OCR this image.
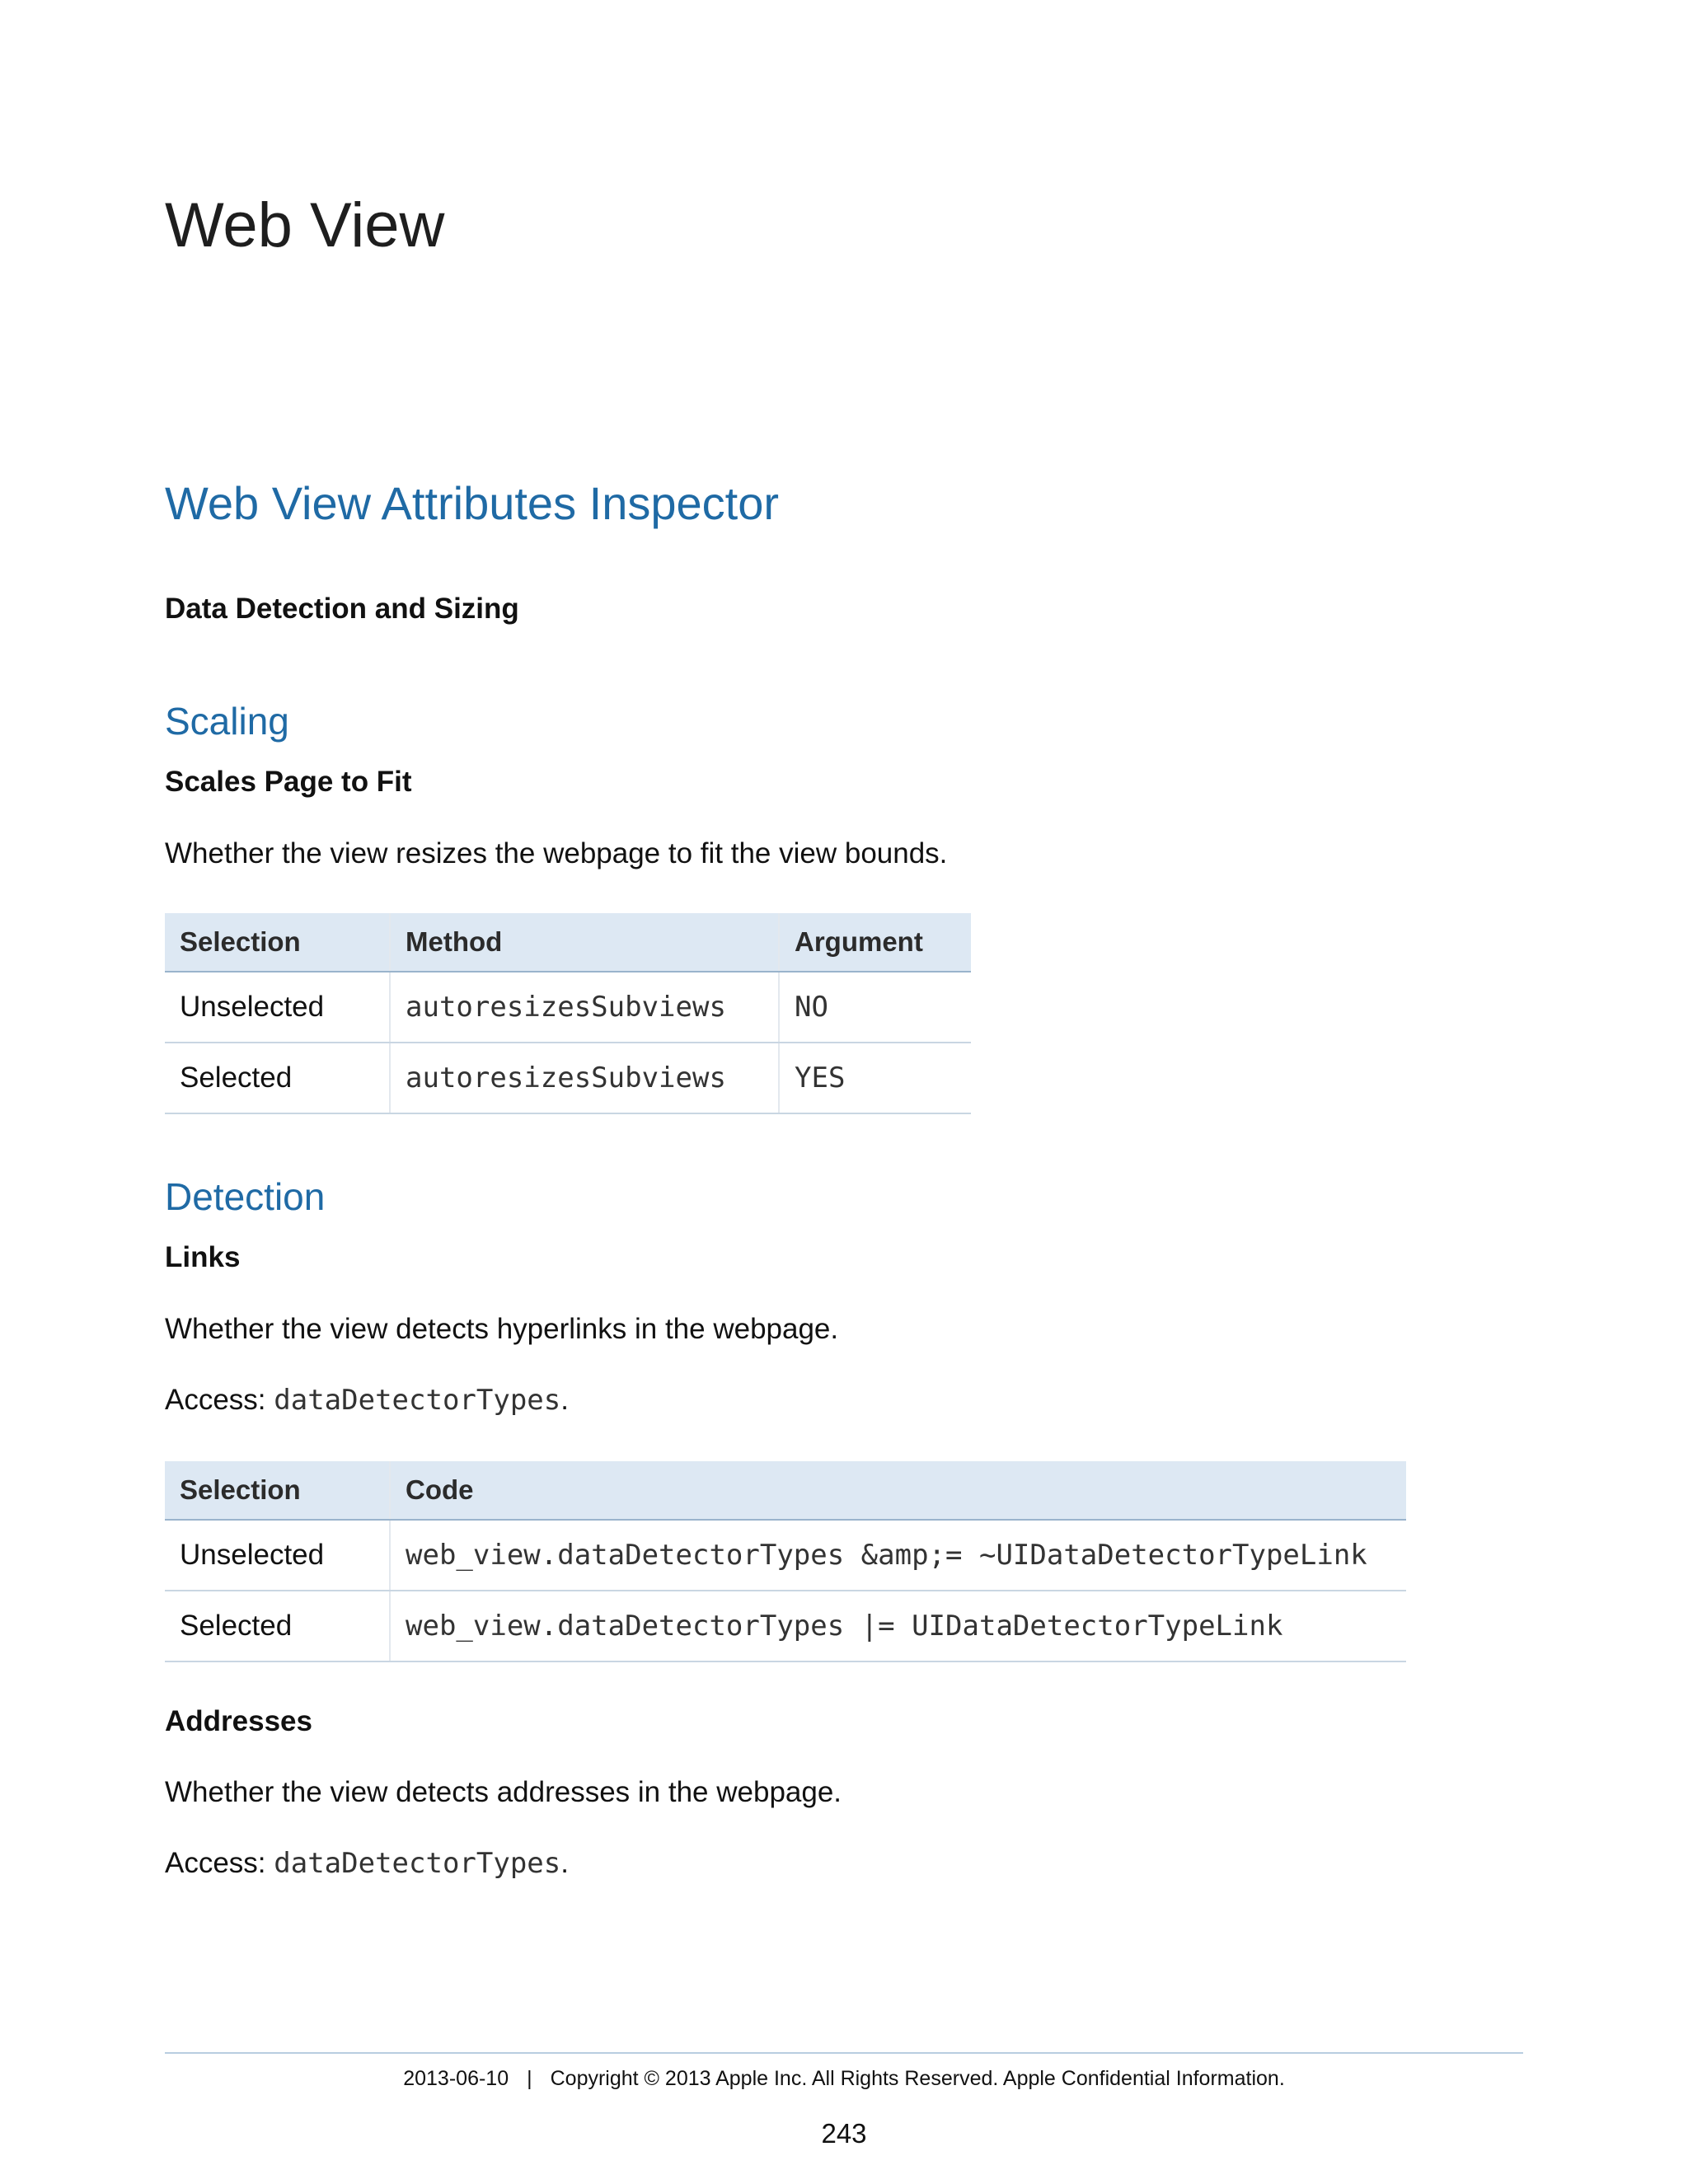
Web View
Web View Attributes Inspector
Data Detection and Sizing
Scaling
Scales Page to Fit

Whether the view resizes the webpage to fit the view bounds.

Selection	Method	Argument
Unselected	autoresizesSubviews	NO
Selected	autoresizesSubviews	YES
Detection
Links

Whether the view detects hyperlinks in the webpage.

Access: dataDetectorTypes.

Selection	Code
Unselected	web_view.dataDetectorTypes &amp;= ~UIDataDetectorTypeLink
Selected	web_view.dataDetectorTypes |= UIDataDetectorTypeLink
Addresses

Whether the view detects addresses in the webpage.

Access: dataDetectorTypes.

2013-06-10 | Copyright © 2013 Apple Inc. All Rights Reserved. Apple Confidential Information.
243
